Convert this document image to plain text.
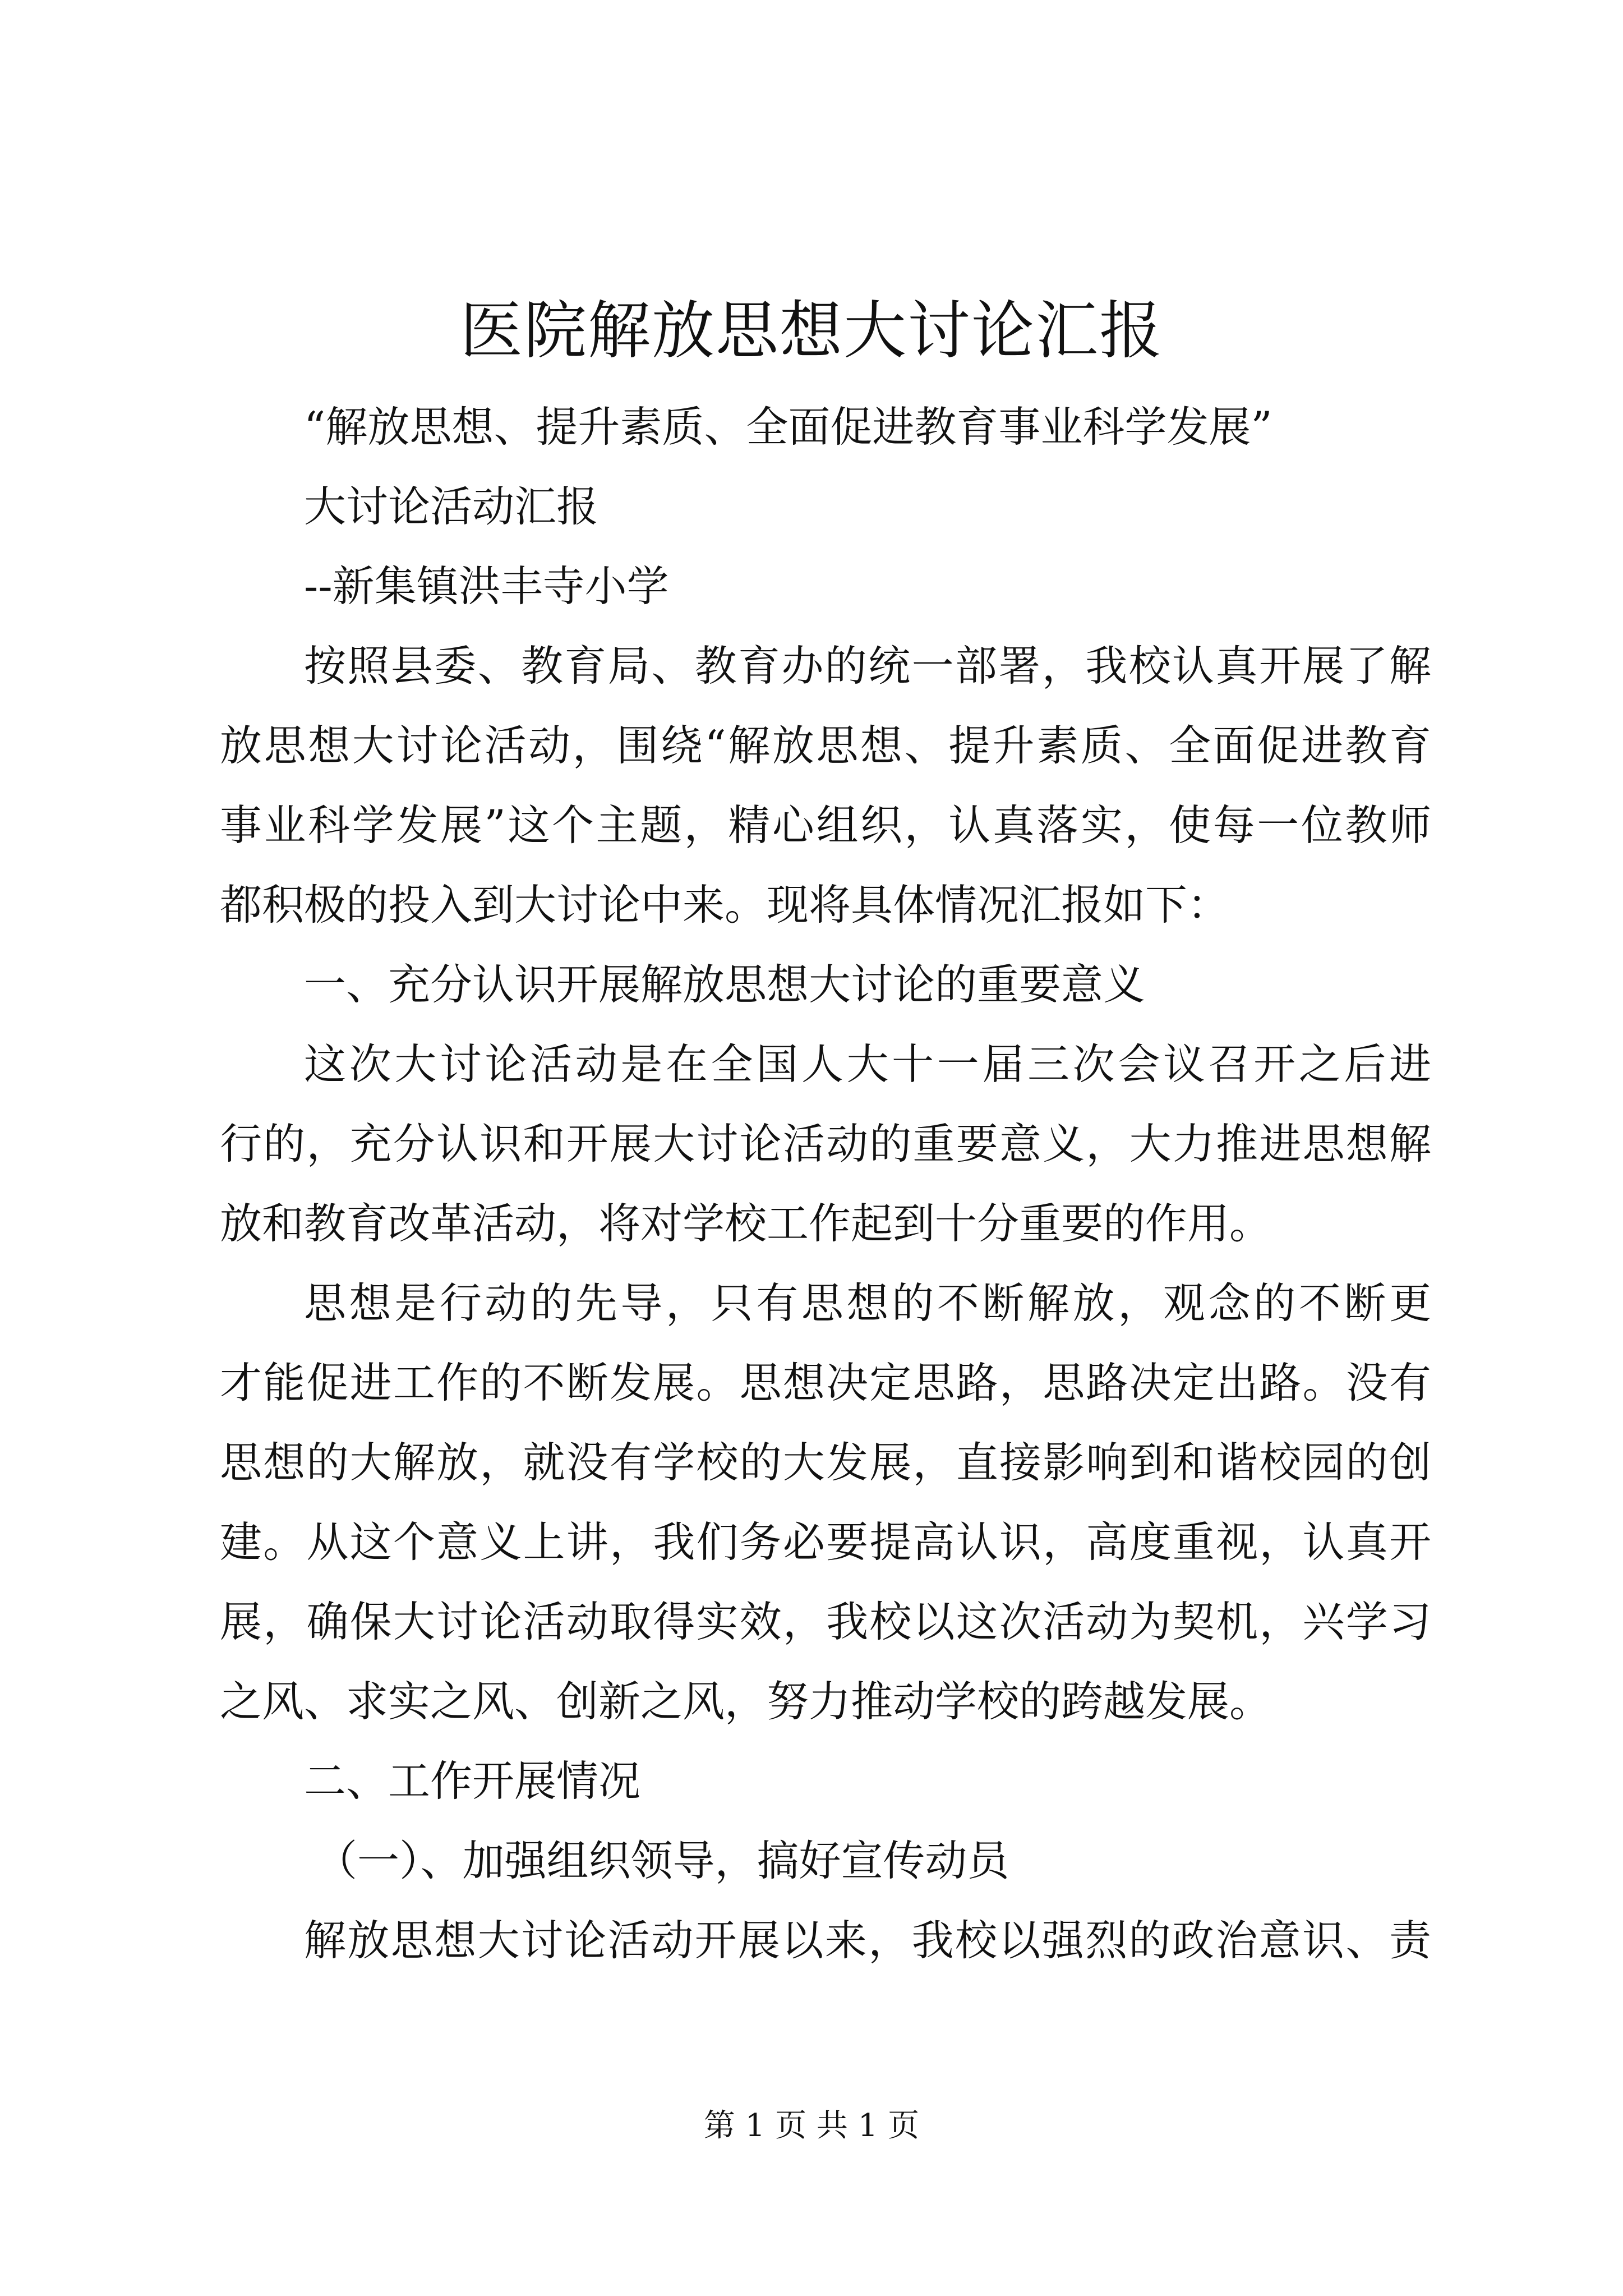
医院解放思想大讨论汇报
“解放思想、提升素质、全面促进教育事业科学发展”
大讨论活动汇报
--新集镇洪丰寺小学
按照县委、教育局、教育办的统一部署，我校认真开展了解
放思想大讨论活动，围绕“解放思想、提升素质、全面促进教育
事业科学发展”这个主题，精心组织，认真落实，使每一位教师
都积极的投入到大讨论中来。现将具体情况汇报如下：
一、充分认识开展解放思想大讨论的重要意义
这次大讨论活动是在全国人大十一届三次会议召开之后进
行的，充分认识和开展大讨论活动的重要意义，大力推进思想解
放和教育改革活动，将对学校工作起到十分重要的作用。
思想是行动的先导，只有思想的不断解放，观念的不断更
才能促进工作的不断发展。思想决定思路，思路决定出路。没有
思想的大解放，就没有学校的大发展，直接影响到和谐校园的创
建。从这个意义上讲，我们务必要提高认识，高度重视，认真开
展，确保大讨论活动取得实效，我校以这次活动为契机，兴学习
之风、求实之风、创新之风，努力推动学校的跨越发展。
二、工作开展情况
（一）、加强组织领导，搞好宣传动员
解放思想大讨论活动开展以来，我校以强烈的政治意识、责
第 1 页 共 1 页
